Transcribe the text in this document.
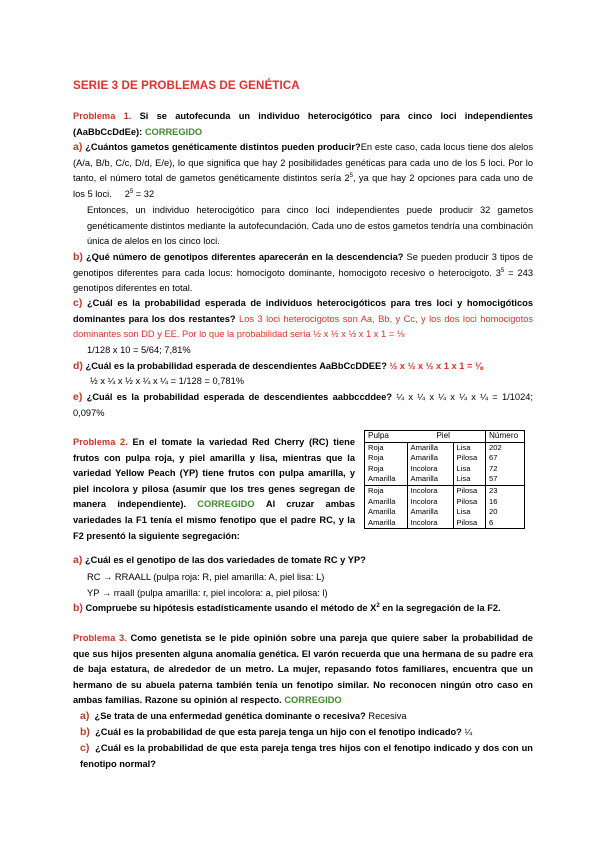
SERIE 3 DE PROBLEMAS DE GENÉTICA
Problema 1. Si se autofecunda un individuo heterocigótico para cinco loci independientes (AaBbCcDdEe): CORREGIDO
a) ¿Cuántos gametos genéticamente distintos pueden producir?En este caso, cada locus tiene dos alelos (A/a, B/b, C/c, D/d, E/e), lo que significa que hay 2 posibilidades genéticas para cada uno de los 5 loci. Por lo tanto, el número total de gametos genéticamente distintos sería $2^5$, ya que hay 2 opciones para cada uno de los 5 loci. $2^5 = 32$
Entonces, un individuo heterocigótico para cinco loci independientes puede producir 32 gametos genéticamente distintos mediante la autofecundación. Cada uno de estos gametos tendría una combinación única de alelos en los cinco loci.
b) ¿Qué número de genotipos diferentes aparecerán en la descendencia? Se pueden producir 3 tipos de genotipos diferentes para cada locus: homocigoto dominante, homocigoto recesivo o heterocigoto. $3^5 = 243$ genotipos diferentes en total.
c) ¿Cuál es la probabilidad esperada de individuos heterocigóticos para tres loci y homocigóticos dominantes para los dos restantes? Los 3 loci heterocigotos son Aa, Bb, y Cc, y los dos loci homocigotos dominantes son DD y EE. Por lo que la probabilidad sería ½ x ½ x ½ x 1 x 1 = ⅛
1/128 x 10 = 5/64; 7,81%
d) ¿Cuál es la probabilidad esperada de descendientes AaBbCcDDEE? ½ x ½ x ½ x 1 x 1 = ⅛
½ x ¼ x ½ x ¼ x ¼ = 1/128 = 0,781%
e) ¿Cuál es la probabilidad esperada de descendientes aabbccddee? ¼ x ¼ x ¼ x ¼ x ¼ = 1/1024; 0,097%
Problema 2. En el tomate la variedad Red Cherry (RC) tiene frutos con pulpa roja, y piel amarilla y lisa, mientras que la variedad Yellow Peach (YP) tiene frutos con pulpa amarilla, y piel incolora y pilosa (asumir que los tres genes segregan de manera independiente). CORREGIDO Al cruzar ambas variedades la F1 tenía el mismo fenotipo que el padre RC, y la F2 presentó la siguiente segregación:
Pulpa	Piel		Número
Roja	Amarilla	Lisa	202
Roja	Amarilla	Pilosa	67
Roja	Incolora	Lisa	72
Amarilla	Amarilla	Lisa	57
Roja	Incolora	Pilosa	23
Amarilla	Incolora	Pilosa	16
Amarilla	Amarilla	Lisa	20
Amarilla	Incolora	Pilosa	6
a) ¿Cuál es el genotipo de las dos variedades de tomate RC y YP?
RC → RRAALL (pulpa roja: R, piel amarilla: A, piel lisa: L)
YP → rraall (pulpa amarilla: r, piel incolora: a, piel pilosa: l)
b) Compruebe su hipótesis estadísticamente usando el método de $X^2$ en la segregación de la F2.
Problema 3. Como genetista se le pide opinión sobre una pareja que quiere saber la probabilidad de que sus hijos presenten alguna anomalía genética. El varón recuerda que una hermana de su padre era de baja estatura, de alrededor de un metro. La mujer, repasando fotos familiares, encuentra que un hermano de su abuela paterna también tenía un fenotipo similar. No reconocen ningún otro caso en ambas familias. Razone su opinión al respecto. CORREGIDO
a) ¿Se trata de una enfermedad genética dominante o recesiva? Recesiva
b) ¿Cuál es la probabilidad de que esta pareja tenga un hijo con el fenotipo indicado? ¼
c) ¿Cuál es la probabilidad de que esta pareja tenga tres hijos con el fenotipo indicado y dos con un fenotipo normal?
